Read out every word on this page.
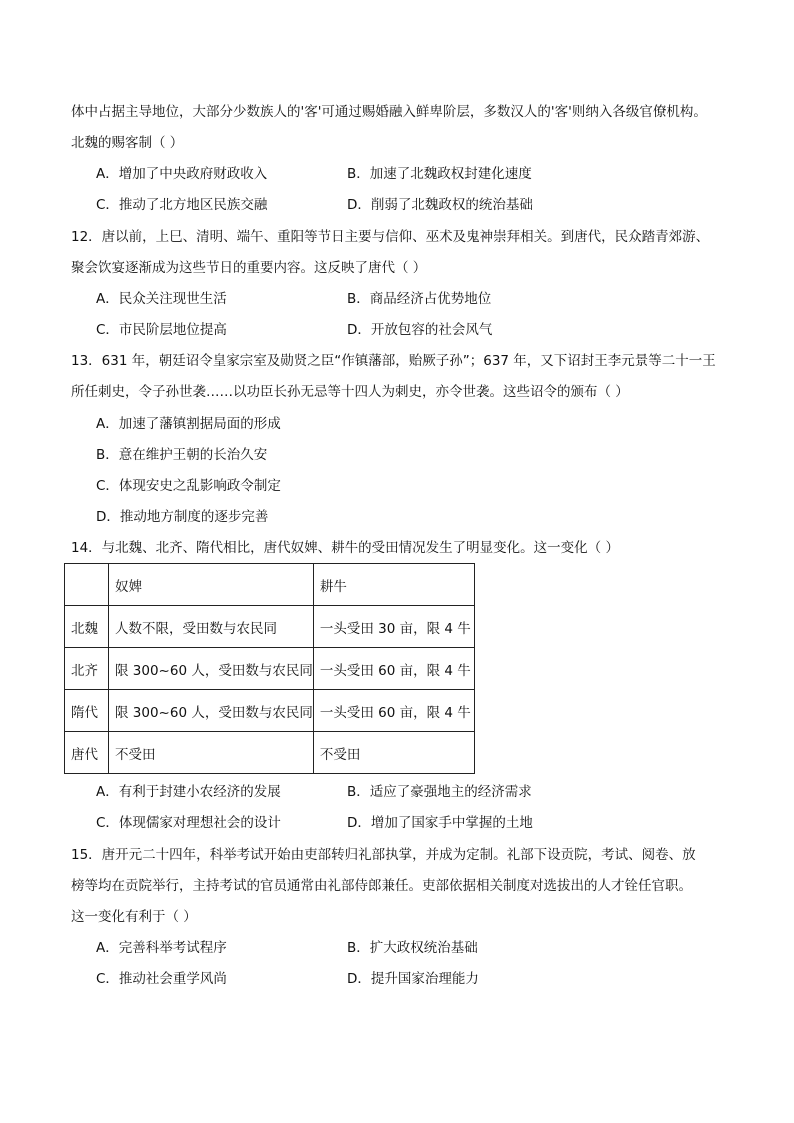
体中占据主导地位，大部分少数族人的'客'可通过赐婚融入鲜卑阶层，多数汉人的'客'则纳入各级官僚机构。
北魏的赐客制（ ）
A．增加了中央政府财政收入	B．加速了北魏政权封建化速度
C．推动了北方地区民族交融	D．削弱了北魏政权的统治基础
12．唐以前，上巳、清明、端午、重阳等节日主要与信仰、巫术及鬼神崇拜相关。到唐代，民众踏青郊游、
聚会饮宴逐渐成为这些节日的重要内容。这反映了唐代（ ）
A．民众关注现世生活	B．商品经济占优势地位
C．市民阶层地位提高	D．开放包容的社会风气
13．631 年，朝廷诏令皇家宗室及勋贤之臣“作镇藩部，贻厥子孙”；637 年，又下诏封王李元景等二十一王
所任刺史，令子孙世袭……以功臣长孙无忌等十四人为刺史，亦令世袭。这些诏令的颁布（ ）
A．加速了藩镇割据局面的形成
B．意在维护王朝的长治久安
C．体现安史之乱影响政令制定
D．推动地方制度的逐步完善
14．与北魏、北齐、隋代相比，唐代奴婢、耕牛的受田情况发生了明显变化。这一变化（ ）
	奴婢	耕牛
北魏	人数不限，受田数与农民同	一头受田 30 亩，限 4 牛
北齐	限 300~60 人，受田数与农民同	一头受田 60 亩，限 4 牛
隋代	限 300~60 人，受田数与农民同	一头受田 60 亩，限 4 牛
唐代	不受田	不受田
A．有利于封建小农经济的发展	B．适应了豪强地主的经济需求
C．体现儒家对理想社会的设计	D．增加了国家手中掌握的土地
15．唐开元二十四年，科举考试开始由吏部转归礼部执掌，并成为定制。礼部下设贡院，考试、阅卷、放
榜等均在贡院举行，主持考试的官员通常由礼部侍郎兼任。吏部依据相关制度对选拔出的人才铨任官职。
这一变化有利于（ ）
A．完善科举考试程序	B．扩大政权统治基础
C．推动社会重学风尚	D．提升国家治理能力
